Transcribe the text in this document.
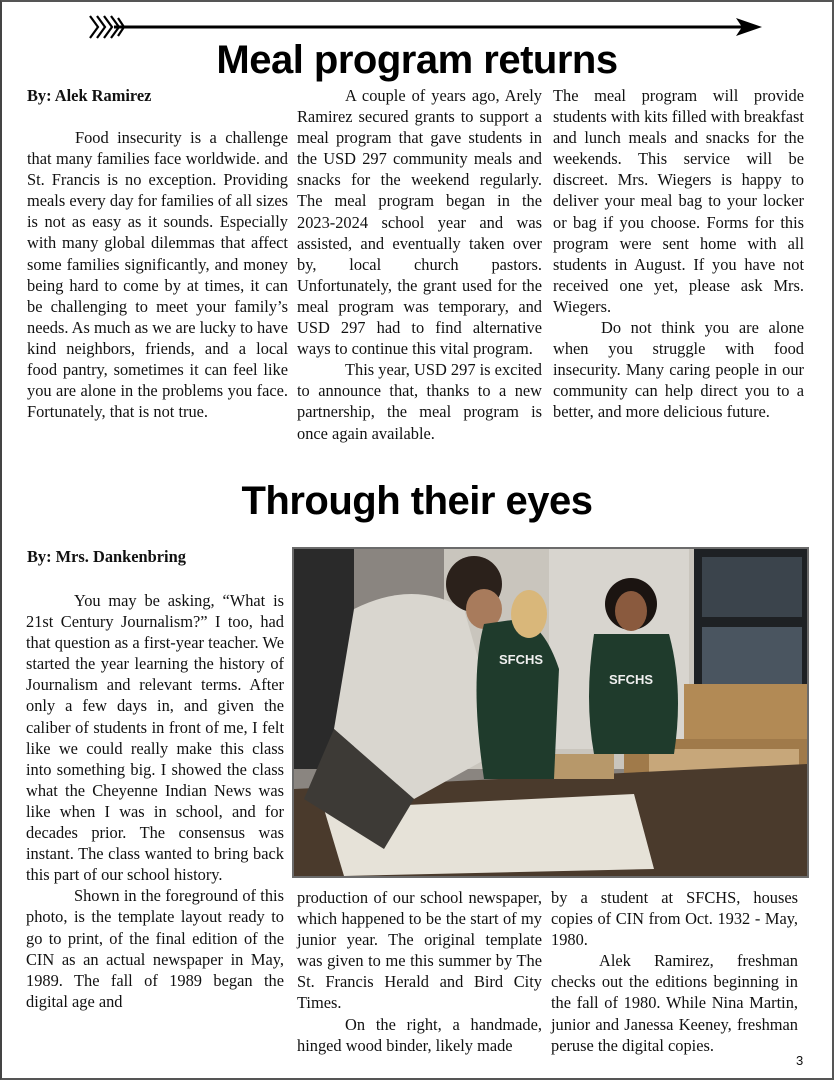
Meal program returns
By: Alek Ramirez

Food insecurity is a challenge that many families face worldwide. and St. Francis is no exception. Providing meals every day for families of all sizes is not as easy as it sounds. Especially with many global dilemmas that affect some families significantly, and money being hard to come by at times, it can be challenging to meet your family’s needs. As much as we are lucky to have kind neighbors, friends, and a local food pantry, sometimes it can feel like you are alone in the problems you face. Fortunately, that is not true.

A couple of years ago, Arely Ramirez secured grants to support a meal program that gave students in the USD 297 community meals and snacks for the weekend regularly. The meal program began in the 2023-2024 school year and was assisted, and eventually taken over by, local church pastors. Unfortunately, the grant used for the meal program was temporary, and USD 297 had to find alternative ways to continue this vital program.

This year, USD 297 is excited to announce that, thanks to a new partnership, the meal program is once again available.

The meal program will provide students with kits filled with breakfast and lunch meals and snacks for the weekends. This service will be discreet. Mrs. Wiegers is happy to deliver your meal bag to your locker or bag if you choose. Forms for this program were sent home with all students in August. If you have not received one yet, please ask Mrs. Wiegers.

Do not think you are alone when you struggle with food insecurity. Many caring people in our community can help direct you to a better, and more delicious future.

Through their eyes
By: Mrs. Dankenbring

You may be asking, “What is 21st Century Journalism?” I too, had that question as a first-year teacher. We started the year learning the history of Journalism and relevant terms. After only a few days in, and given the caliber of students in front of me, I felt like we could really make this class into something big. I showed the class what the Cheyenne Indian News was like when I was in school, and for decades prior. The consensus was instant. The class wanted to bring back this part of our school history.

Shown in the foreground of this photo, is the template layout ready to go to print, of the final edition of the CIN as an actual newspaper in May, 1989. The fall of 1989 began the digital age and

SFCHS
SFCHS

production of our school newspaper, which happened to be the start of my junior year. The original template was given to me this summer by The St. Francis Herald and Bird City Times.

On the right, a handmade, hinged wood binder, likely made

by a student at SFCHS, houses copies of CIN from Oct. 1932 - May, 1980.

Alek Ramirez, freshman checks out the editions beginning in the fall of 1980. While Nina Martin, junior and Janessa Keeney, freshman peruse the digital copies.

3
